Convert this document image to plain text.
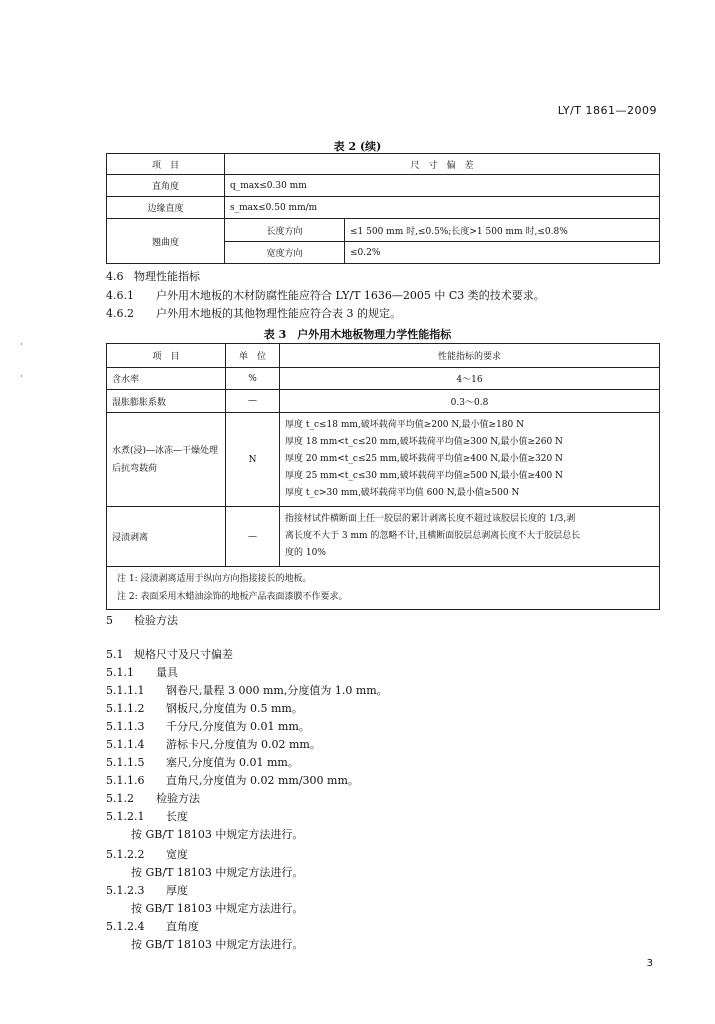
LY/T 1861—2009
表 2 (续)
项　目	尺　寸　偏　差	
直角度	q_max≤0.30 mm	
边缘直度	s_max≤0.50 mm/m	
翘曲度	长度方向	≤1 500 mm 时,≤0.5%;长度>1 500 mm 时,≤0.8%
	宽度方向	≤0.2%
4.6 物理性能指标
4.6.1 户外用木地板的木材防腐性能应符合 LY/T 1636—2005 中 C3 类的技术要求。
4.6.2 户外用木地板的其他物理性能应符合表 3 的规定。
表 3　户外用木地板物理力学性能指标
项　目	单　位	性能指标的要求
含水率	%	4～16
湿胀膨胀系数	—	0.3～0.8
水煮(浸)—冰冻—干燥处理后抗弯载荷	N	厚度 t_c≤18 mm,破坏载荷平均值≥200 N,最小值≥180 N
厚度 18 mm<t_c≤20 mm,破坏载荷平均值≥300 N,最小值≥260 N
厚度 20 mm<t_c≤25 mm,破坏载荷平均值≥400 N,最小值≥320 N
厚度 25 mm<t_c≤30 mm,破坏载荷平均值≥500 N,最小值≥400 N
厚度 t_c>30 mm,破坏载荷平均值 600 N,最小值≥500 N

浸渍剥离	—	指接材试件横断面上任一胶层的累计剥离长度不超过该胶层长度的 1/3,剥
离长度不大于 3 mm 的忽略不计,且横断面胶层总剥离长度不大于胶层总长
度的 10%

注 1: 浸渍剥离适用于纵向方向指接接长的地板。
注 2: 表面采用木蜡油涂饰的地板产品表面漆膜不作要求。		
5 检验方法
5.1 规格尺寸及尺寸偏差
5.1.1 量具
5.1.1.1 钢卷尺,量程 3 000 mm,分度值为 1.0 mm。
5.1.1.2 钢板尺,分度值为 0.5 mm。
5.1.1.3 千分尺,分度值为 0.01 mm。
5.1.1.4 游标卡尺,分度值为 0.02 mm。
5.1.1.5 塞尺,分度值为 0.01 mm。
5.1.1.6 直角尺,分度值为 0.02 mm/300 mm。
5.1.2 检验方法
5.1.2.1 长度
按 GB/T 18103 中规定方法进行。
5.1.2.2 宽度
按 GB/T 18103 中规定方法进行。
5.1.2.3 厚度
按 GB/T 18103 中规定方法进行。
5.1.2.4 直角度
按 GB/T 18103 中规定方法进行。
3
·
·
